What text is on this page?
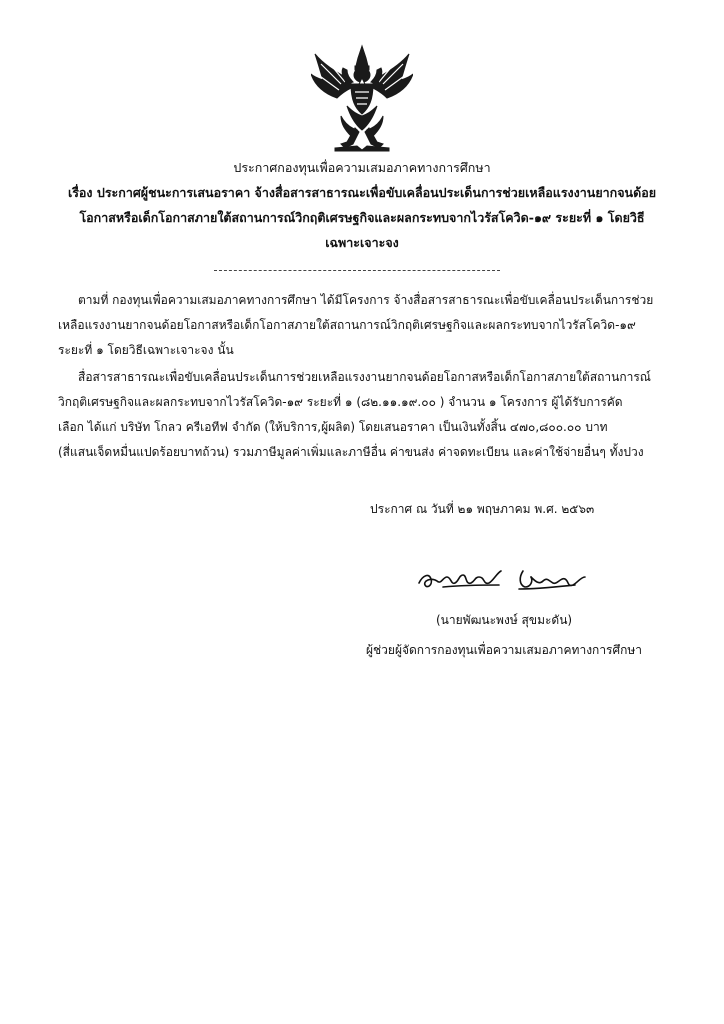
ประกาศกองทุนเพื่อความเสมอภาคทางการศึกษา
เรื่อง ประกาศผู้ชนะการเสนอราคา จ้างสื่อสารสาธารณะเพื่อขับเคลื่อนประเด็นการช่วยเหลือแรงงานยากจนด้อย
โอกาสหรือเด็กโอกาสภายใต้สถานการณ์วิกฤติเศรษฐกิจและผลกระทบจากไวรัสโควิด-๑๙ ระยะที่ ๑ โดยวิธี
เฉพาะเจาะจง
ตามที่ กองทุนเพื่อความเสมอภาคทางการศึกษา ได้มีโครงการ จ้างสื่อสารสาธารณะเพื่อขับเคลื่อนประเด็นการช่วย
เหลือแรงงานยากจนด้อยโอกาสหรือเด็กโอกาสภายใต้สถานการณ์วิกฤติเศรษฐกิจและผลกระทบจากไวรัสโควิด-๑๙
ระยะที่ ๑ โดยวิธีเฉพาะเจาะจง นั้น
สื่อสารสาธารณะเพื่อขับเคลื่อนประเด็นการช่วยเหลือแรงงานยากจนด้อยโอกาสหรือเด็กโอกาสภายใต้สถานการณ์
วิกฤติเศรษฐกิจและผลกระทบจากไวรัสโควิด-๑๙ ระยะที่ ๑ (๘๒.๑๑.๑๙.๐๐ ) จำนวน ๑ โครงการ ผู้ได้รับการคัด
เลือก ได้แก่ บริษัท โกลว ครีเอทีฟ จำกัด (ให้บริการ,ผู้ผลิต) โดยเสนอราคา เป็นเงินทั้งสิ้น ๔๗๐,๘๐๐.๐๐ บาท
(สี่แสนเจ็ดหมื่นแปดร้อยบาทถ้วน) รวมภาษีมูลค่าเพิ่มและภาษีอื่น ค่าขนส่ง ค่าจดทะเบียน และค่าใช้จ่ายอื่นๆ ทั้งปวง
ประกาศ ณ วันที่ ๒๑ พฤษภาคม พ.ศ. ๒๕๖๓
(นายพัฒนะพงษ์ สุขมะดัน)
ผู้ช่วยผู้จัดการกองทุนเพื่อความเสมอภาคทางการศึกษา
